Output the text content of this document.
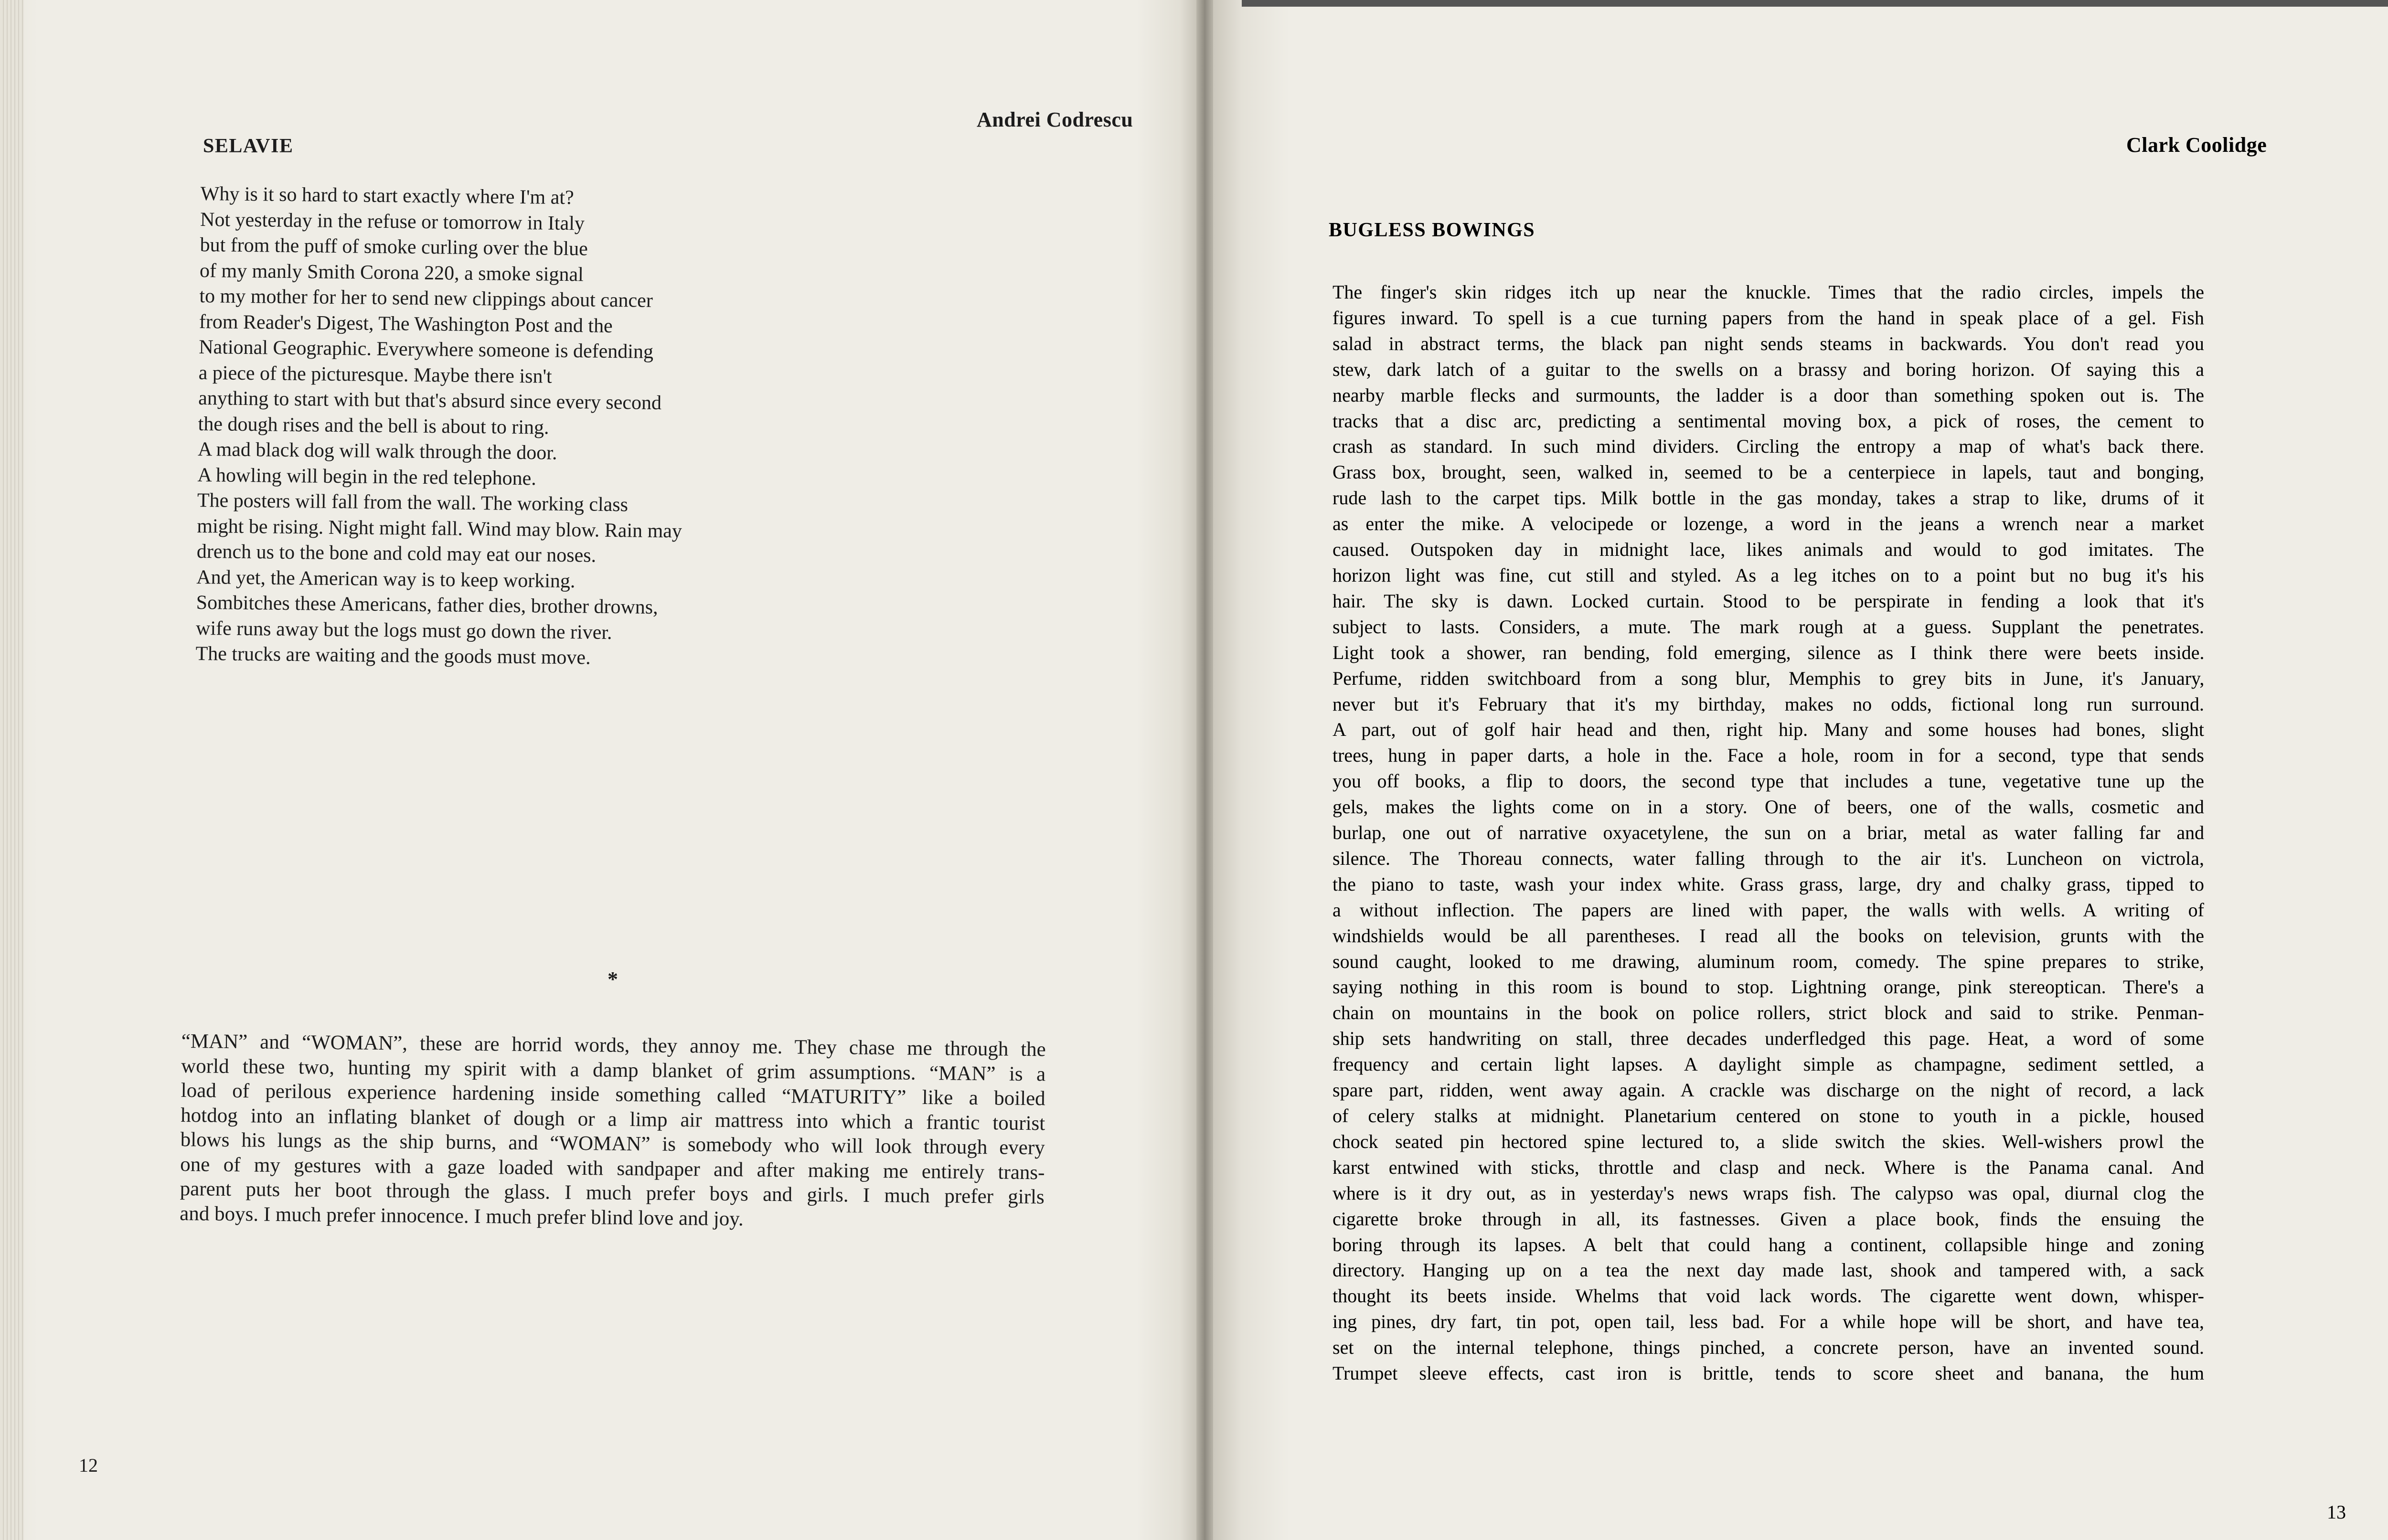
Andrei Codrescu
SELAVIE
Why is it so hard to start exactly where I'm at?
Not yesterday in the refuse or tomorrow in Italy
but from the puff of smoke curling over the blue
of my manly Smith Corona 220, a smoke signal
to my mother for her to send new clippings about cancer
from Reader's Digest, The Washington Post and the
National Geographic. Everywhere someone is defending
a piece of the picturesque. Maybe there isn't
anything to start with but that's absurd since every second
the dough rises and the bell is about to ring.
A mad black dog will walk through the door.
A howling will begin in the red telephone.
The posters will fall from the wall. The working class
might be rising. Night might fall. Wind may blow. Rain may
drench us to the bone and cold may eat our noses.
And yet, the American way is to keep working.
Sombitches these Americans, father dies, brother drowns,
wife runs away but the logs must go down the river.
The trucks are waiting and the goods must move.
*
“MAN” and “WOMAN”, these are horrid words, they annoy me. They chase me through the
world these two, hunting my spirit with a damp blanket of grim assumptions. “MAN” is a
load of perilous experience hardening inside something called “MATURITY” like a boiled
hotdog into an inflating blanket of dough or a limp air mattress into which a frantic tourist
blows his lungs as the ship burns, and “WOMAN” is somebody who will look through every
one of my gestures with a gaze loaded with sandpaper and after making me entirely trans-
parent puts her boot through the glass. I much prefer boys and girls. I much prefer girls
and boys. I much prefer innocence. I much prefer blind love and joy.
12
Clark Coolidge
BUGLESS BOWINGS
The finger's skin ridges itch up near the knuckle. Times that the radio circles, impels the
figures inward. To spell is a cue turning papers from the hand in speak place of a gel. Fish
salad in abstract terms, the black pan night sends steams in backwards. You don't read you
stew, dark latch of a guitar to the swells on a brassy and boring horizon. Of saying this a
nearby marble flecks and surmounts, the ladder is a door than something spoken out is. The
tracks that a disc arc, predicting a sentimental moving box, a pick of roses, the cement to
crash as standard. In such mind dividers. Circling the entropy a map of what's back there.
Grass box, brought, seen, walked in, seemed to be a centerpiece in lapels, taut and bonging,
rude lash to the carpet tips. Milk bottle in the gas monday, takes a strap to like, drums of it
as enter the mike. A velocipede or lozenge, a word in the jeans a wrench near a market
caused. Outspoken day in midnight lace, likes animals and would to god imitates. The
horizon light was fine, cut still and styled. As a leg itches on to a point but no bug it's his
hair. The sky is dawn. Locked curtain. Stood to be perspirate in fending a look that it's
subject to lasts. Considers, a mute. The mark rough at a guess. Supplant the penetrates.
Light took a shower, ran bending, fold emerging, silence as I think there were beets inside.
Perfume, ridden switchboard from a song blur, Memphis to grey bits in June, it's January,
never but it's February that it's my birthday, makes no odds, fictional long run surround.
A part, out of golf hair head and then, right hip. Many and some houses had bones, slight
trees, hung in paper darts, a hole in the. Face a hole, room in for a second, type that sends
you off books, a flip to doors, the second type that includes a tune, vegetative tune up the
gels, makes the lights come on in a story. One of beers, one of the walls, cosmetic and
burlap, one out of narrative oxyacetylene, the sun on a briar, metal as water falling far and
silence. The Thoreau connects, water falling through to the air it's. Luncheon on victrola,
the piano to taste, wash your index white. Grass grass, large, dry and chalky grass, tipped to
a without inflection. The papers are lined with paper, the walls with wells. A writing of
windshields would be all parentheses. I read all the books on television, grunts with the
sound caught, looked to me drawing, aluminum room, comedy. The spine prepares to strike,
saying nothing in this room is bound to stop. Lightning orange, pink stereoptican. There's a
chain on mountains in the book on police rollers, strict block and said to strike. Penman-
ship sets handwriting on stall, three decades underfledged this page. Heat, a word of some
frequency and certain light lapses. A daylight simple as champagne, sediment settled, a
spare part, ridden, went away again. A crackle was discharge on the night of record, a lack
of celery stalks at midnight. Planetarium centered on stone to youth in a pickle, housed
chock seated pin hectored spine lectured to, a slide switch the skies. Well-wishers prowl the
karst entwined with sticks, throttle and clasp and neck. Where is the Panama canal. And
where is it dry out, as in yesterday's news wraps fish. The calypso was opal, diurnal clog the
cigarette broke through in all, its fastnesses. Given a place book, finds the ensuing the
boring through its lapses. A belt that could hang a continent, collapsible hinge and zoning
directory. Hanging up on a tea the next day made last, shook and tampered with, a sack
thought its beets inside. Whelms that void lack words. The cigarette went down, whisper-
ing pines, dry fart, tin pot, open tail, less bad. For a while hope will be short, and have tea,
set on the internal telephone, things pinched, a concrete person, have an invented sound.
Trumpet sleeve effects, cast iron is brittle, tends to score sheet and banana, the hum
13
